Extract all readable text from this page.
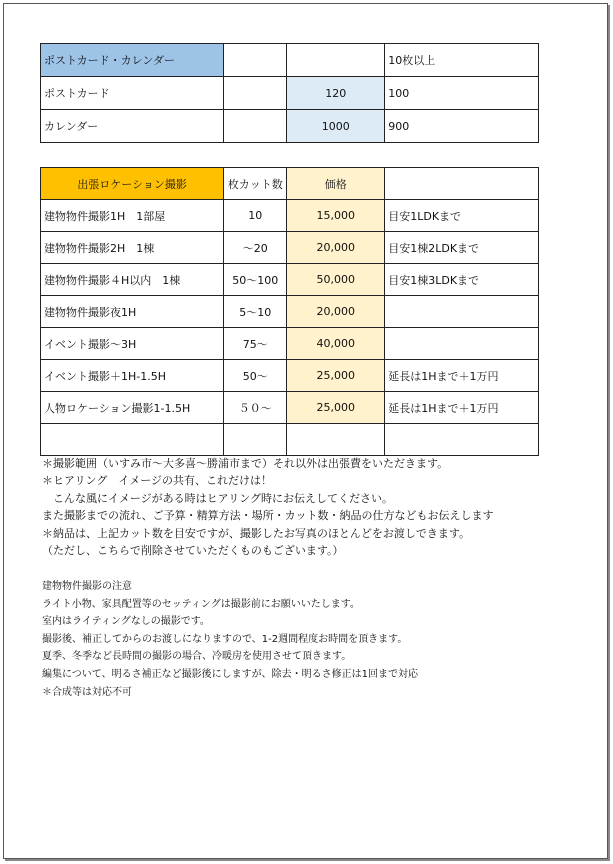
ポストカード・カレンダー			10枚以上
ポストカード		120	100
カレンダー		1000	900
出張ロケーション撮影	枚カット数	価格	
建物物件撮影1H　1部屋	10	15,000	目安1LDKまで
建物物件撮影2H　1棟	～20	20,000	目安1棟2LDKまで
建物物件撮影４H以内　1棟	50～100	50,000	目安1棟3LDKまで
建物物件撮影夜1H	5～10	20,000	
イベント撮影～3H	75～	40,000	
イベント撮影＋1H-1.5H	50～	25,000	延長は1Hまで＋1万円
人物ロケーション撮影1-1.5H	５０～	25,000	延長は1Hまで＋1万円

＊撮影範囲（いすみ市～大多喜～勝浦市まで）それ以外は出張費をいただきます。
＊ヒアリング　イメージの共有、これだけは！
　こんな風にイメージがある時はヒアリング時にお伝えしてください。
また撮影までの流れ、ご予算・精算方法・場所・カット数・納品の仕方などもお伝えします
＊納品は、上記カット数を目安ですが、撮影したお写真のほとんどをお渡しできます。
（ただし、こちらで削除させていただくものもございます。）
建物物件撮影の注意
ライト小物、家具配置等のセッティングは撮影前にお願いいたします。
室内はライティングなしの撮影です。
撮影後、補正してからのお渡しになりますので、1-2週間程度お時間を頂きます。
夏季、冬季など長時間の撮影の場合、冷暖房を使用させて頂きます。
編集について、明るさ補正など撮影後にしますが、除去・明るさ修正は1回まで対応
＊合成等は対応不可
